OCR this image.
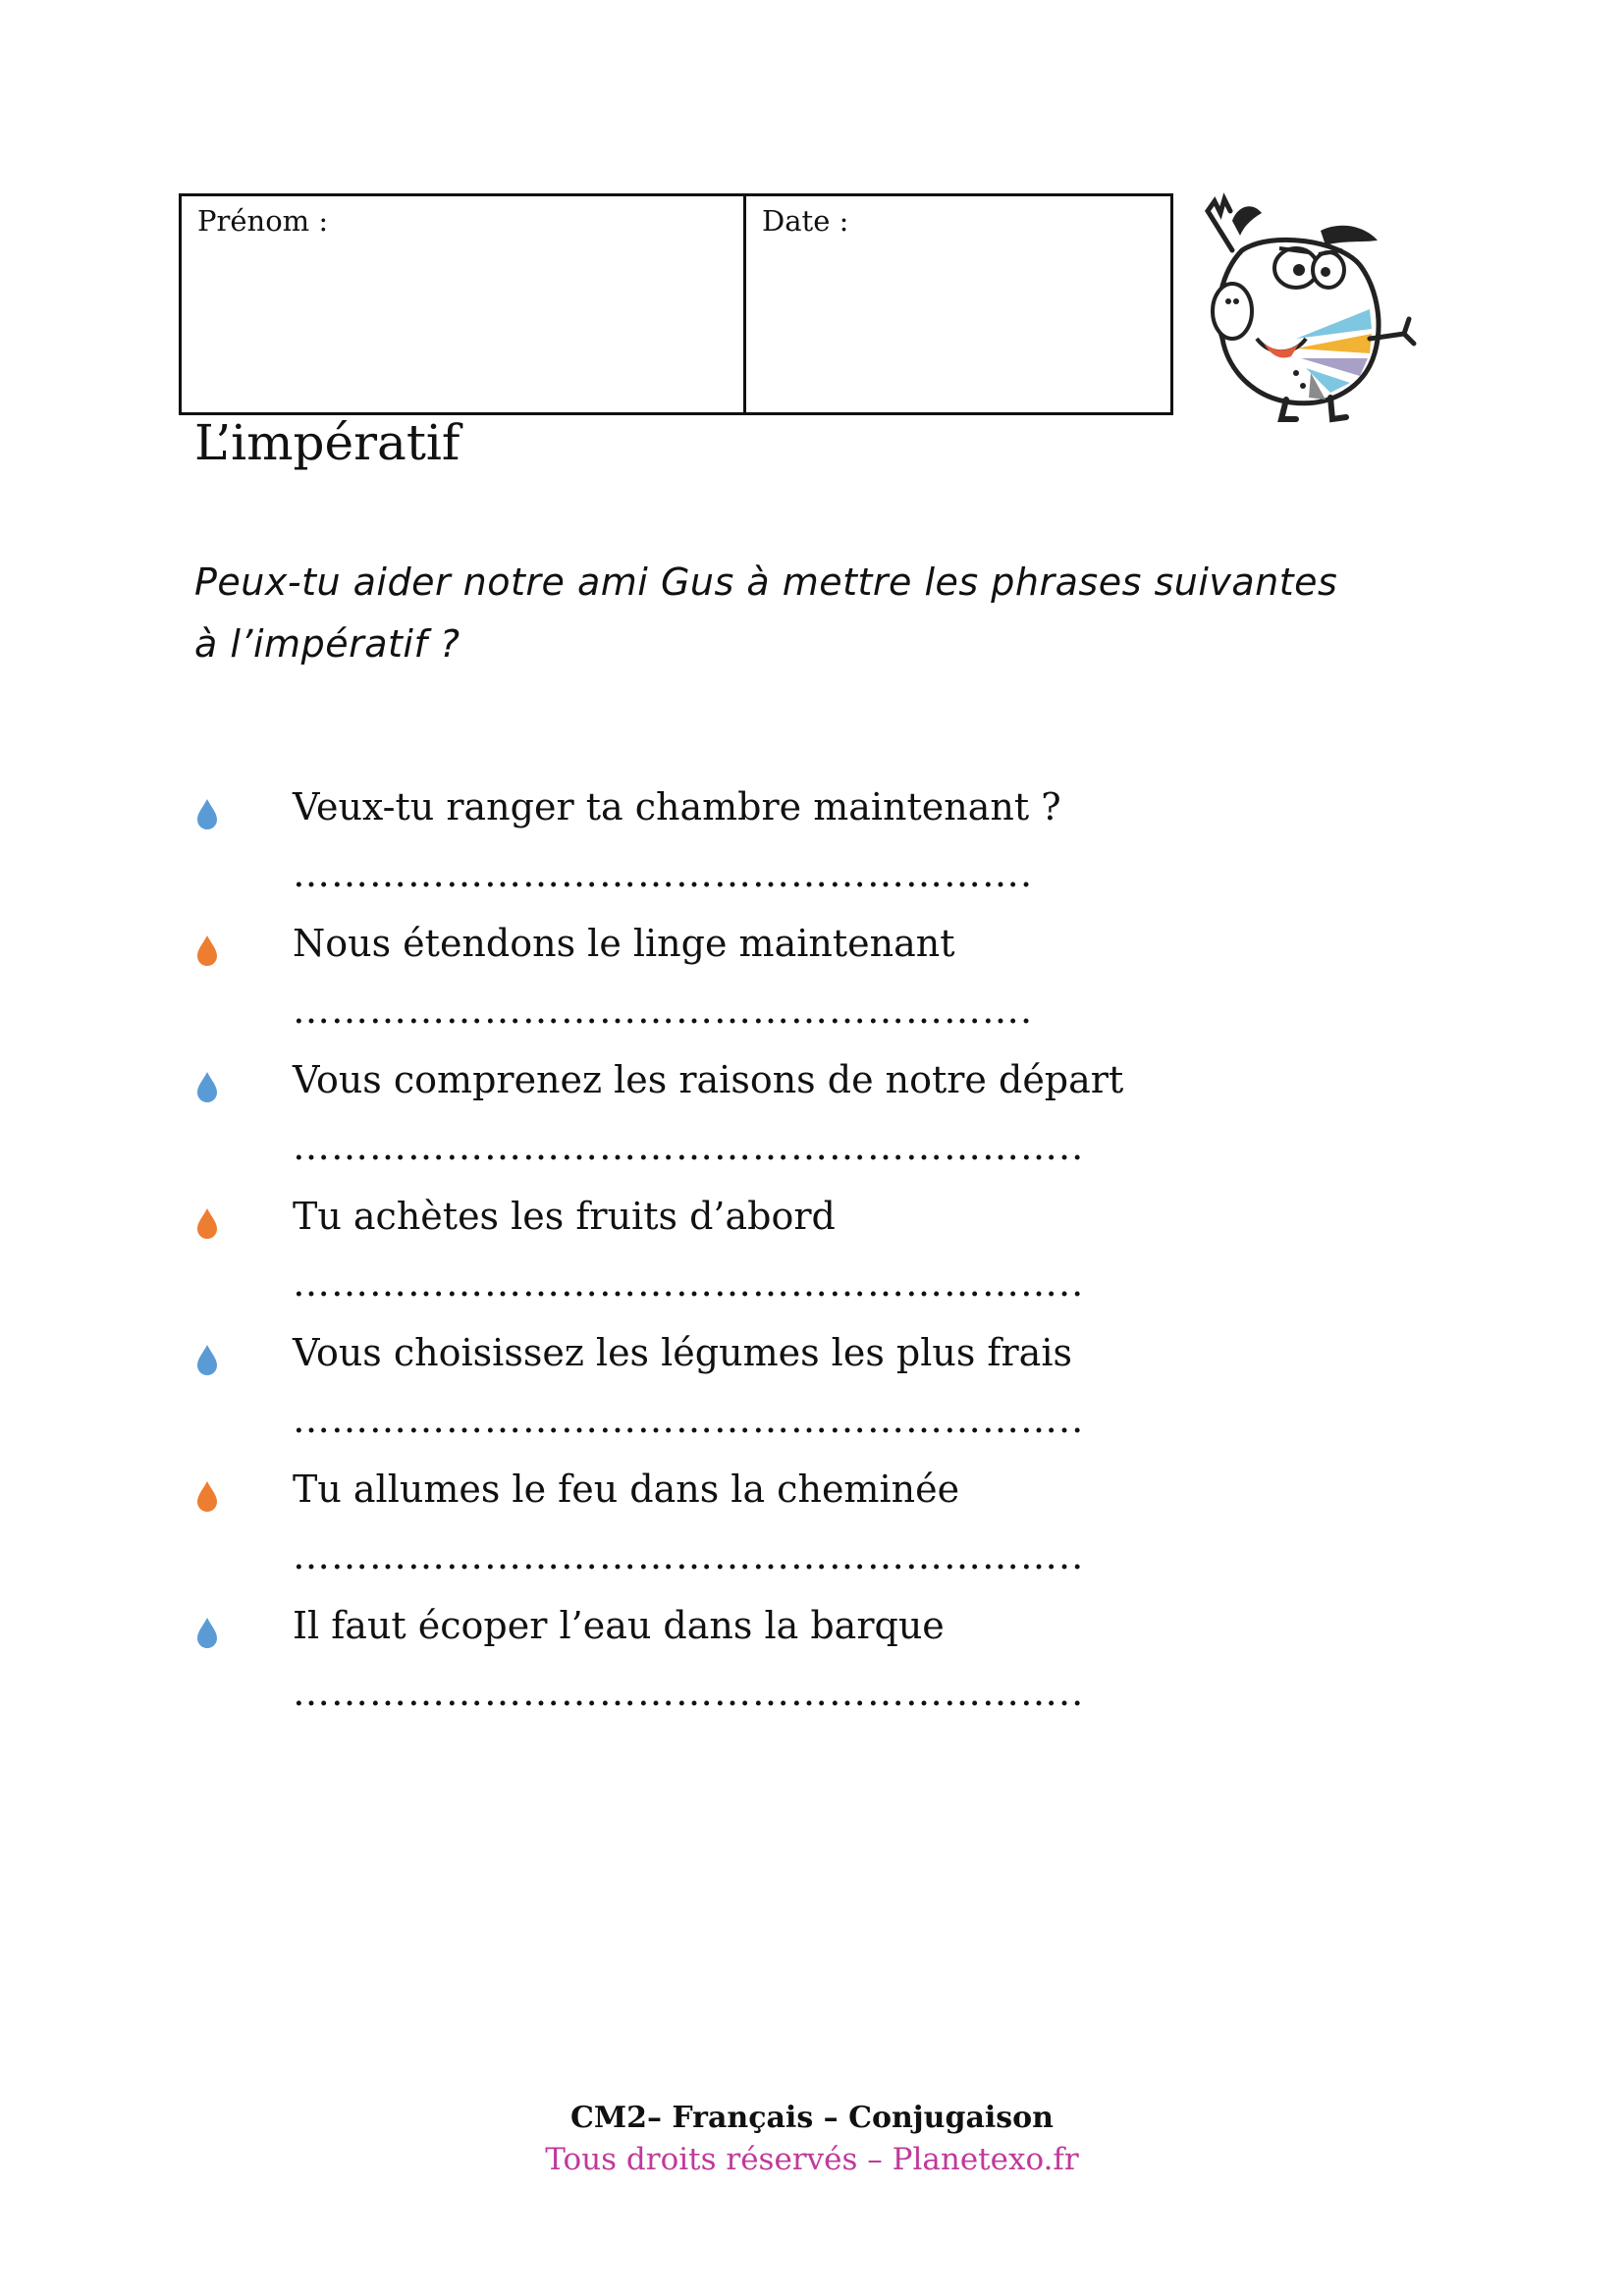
Prénom :	Date :
L’impératif
Peux-tu aider notre ami Gus à mettre les phrases suivantes
à l’impératif ?
Veux-tu ranger ta chambre maintenant ?
………………………………………………….
Nous étendons le linge maintenant
………………………………………………….
Vous comprenez les raisons de notre départ
……………………………………………………..
Tu achètes les fruits d’abord
……………………………………………………..
Vous choisissez les légumes les plus frais
……………………………………………………..
Tu allumes le feu dans la cheminée
……………………………………………………..
Il faut écoper l’eau dans la barque
……………………………………………………..
CM2– Français – Conjugaison
Tous droits réservés – Planetexo.fr
